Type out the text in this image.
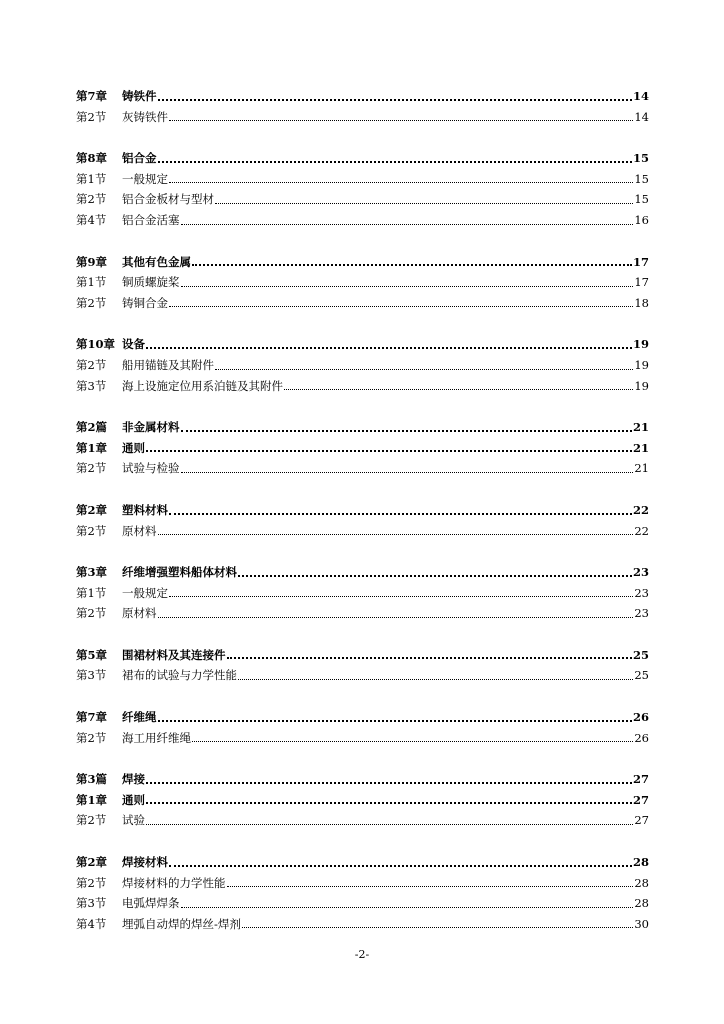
第7章	铸铁件	14
第2节	灰铸铁件	14
第8章	铝合金	15
第1节	一般规定	15
第2节	铝合金板材与型材	15
第4节	铝合金活塞	16
第9章	其他有色金属	17
第1节	铜质螺旋桨	17
第2节	铸铜合金	18
第10章 设备	19
第2节	船用锚链及其附件	19
第3节	海上设施定位用系泊链及其附件	19
第2篇	非金属材料	21
第1章	通则	21
第2节	试验与检验	21
第2章	塑料材料	22
第2节	原材料	22
第3章	纤维增强塑料船体材料	23
第1节	一般规定	23
第2节	原材料	23
第5章	围裙材料及其连接件	25
第3节	裙布的试验与力学性能	25
第7章	纤维绳	26
第2节	海工用纤维绳	26
第3篇	焊接	27
第1章	通则	27
第2节	试验	27
第2章	焊接材料	28
第2节	焊接材料的力学性能	28
第3节	电弧焊焊条	28
第4节	埋弧自动焊的焊丝-焊剂	30
-2-
